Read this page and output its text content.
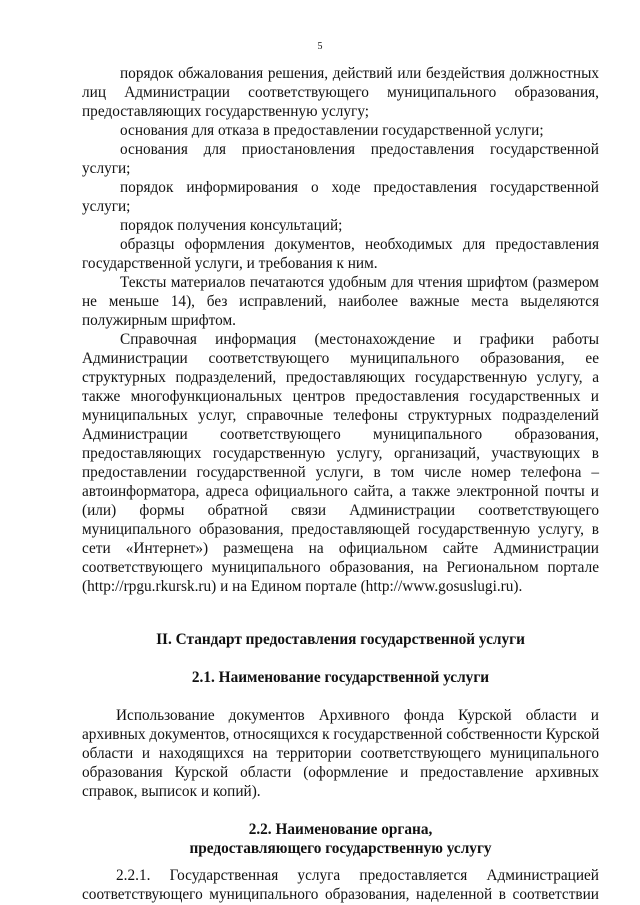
5
порядок обжалования решения, действий или бездействия должностных
лиц Администрации соответствующего муниципального образования,
предоставляющих государственную услугу;
основания для отказа в предоставлении государственной услуги;
основания для приостановления предоставления государственной
услуги;
порядок информирования о ходе предоставления государственной
услуги;
порядок получения консультаций;
образцы оформления документов, необходимых для предоставления
государственной услуги, и требования к ним.
Тексты материалов печатаются удобным для чтения шрифтом (размером
не меньше 14), без исправлений, наиболее важные места выделяются
полужирным шрифтом.
Справочная информация (местонахождение и графики работы
Администрации соответствующего муниципального образования, ее
структурных подразделений, предоставляющих государственную услугу, а
также многофункциональных центров предоставления государственных и
муниципальных услуг, справочные телефоны структурных подразделений
Администрации соответствующего муниципального образования,
предоставляющих государственную услугу, организаций, участвующих в
предоставлении государственной услуги, в том числе номер телефона –
автоинформатора, адреса официального сайта, а также электронной почты и
(или) формы обратной связи Администрации соответствующего
муниципального образования, предоставляющей государственную услугу, в
сети «Интернет») размещена на официальном сайте Администрации
соответствующего муниципального образования, на Региональном портале
(http://rpgu.rkursk.ru) и на Едином портале (http://www.gosuslugi.ru).
II. Стандарт предоставления государственной услуги
2.1. Наименование государственной услуги
Использование документов Архивного фонда Курской области и
архивных документов, относящихся к государственной собственности Курской
области и находящихся на территории соответствующего муниципального
образования Курской области (оформление и предоставление архивных
справок, выписок и копий).
2.2. Наименование органа,
предоставляющего государственную услугу
2.2.1. Государственная услуга предоставляется Администрацией
соответствующего муниципального образования, наделенной в соответствии
